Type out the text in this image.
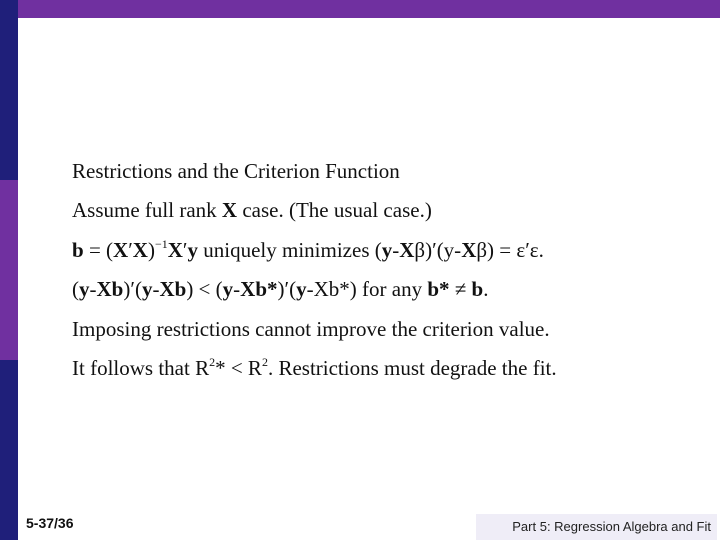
Restrictions and the Criterion Function
Assume full rank X case. (The usual case.)
$b = (X'X)^{-1}X'y$ uniquely minimizes (y-Xβ)′(y-Xβ) = ε′ε.
(y-Xb)′(y-Xb) < (y-Xb*)′(y-Xb*) for any b* ≠ b.
Imposing restrictions cannot improve the criterion value.
It follows that $R^2* < R^2$. Restrictions must degrade the fit.
5-37/36	Part 5: Regression Algebra and Fit
